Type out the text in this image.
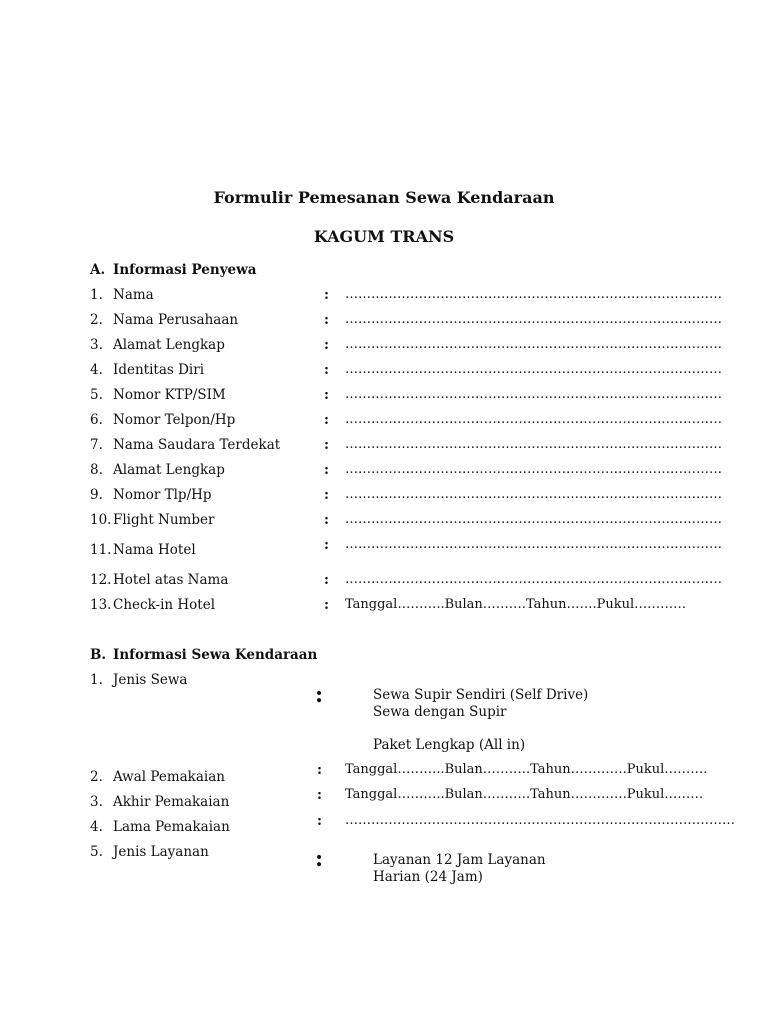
Formulir Pemesanan Sewa Kendaraan
KAGUM TRANS
A. Informasi Penyewa
1. Nama	: ……………………………………………………………………………
2. Nama Perusahaan	: ……………………………………………………………………………
3. Alamat Lengkap	: ……………………………………………………………………………
4. Identitas Diri	: ……………………………………………………………………………
5. Nomor KTP/SIM	: ……………………………………………………………………………
6. Nomor Telpon/Hp	: ……………………………………………………………………………
7. Nama Saudara Terdekat	: ……………………………………………………………………………
8. Alamat Lengkap	: ……………………………………………………………………………
9. Nomor Tlp/Hp	: ……………………………………………………………………………
10. Flight Number	: ……………………………………………………………………………
11. Nama Hotel	: ……………………………………………………………………………
12. Hotel atas Nama	: ……………………………………………………………………………
13. Check-in Hotel	: Tanggal………..Bulan……….Tahun…….Pukul…………
B. Informasi Sewa Kendaraan
1. Jenis Sewa
:	Sewa Supir Sendiri (Self Drive)
Sewa dengan Supir
Paket Lengkap (All in)
2. Awal Pemakaian	: Tanggal………..Bulan………..Tahun………….Pukul……….
3. Akhir Pemakaian	: Tanggal………..Bulan………..Tahun………….Pukul………
4. Lama Pemakaian	: ………………………………………………………………………………
5. Jenis Layanan	:	Layanan 12 Jam Layanan
Harian (24 Jam)
